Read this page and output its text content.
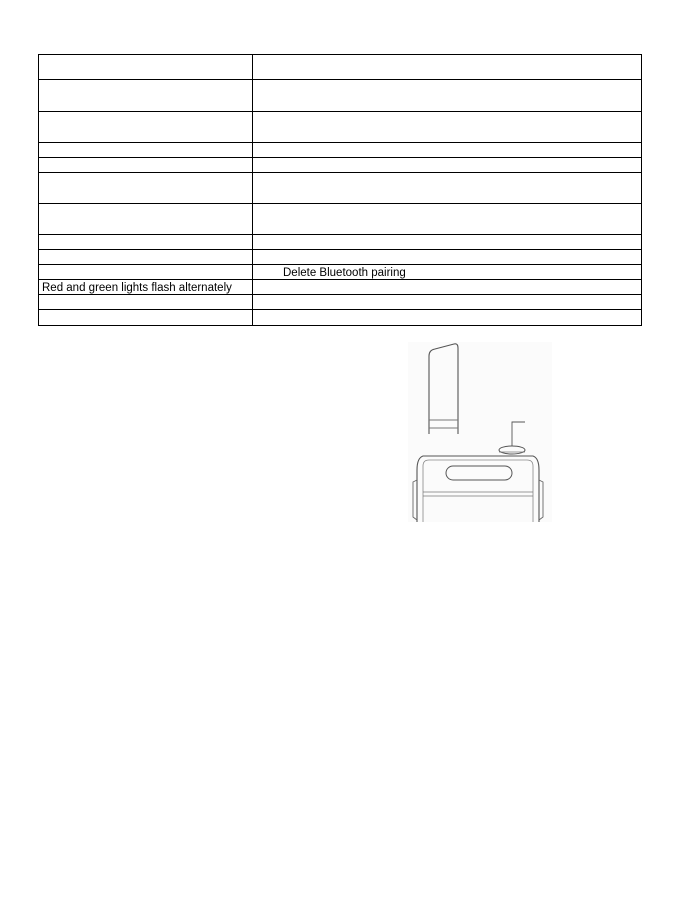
	Delete Bluetooth pairing
Red and green lights flash alternately	
